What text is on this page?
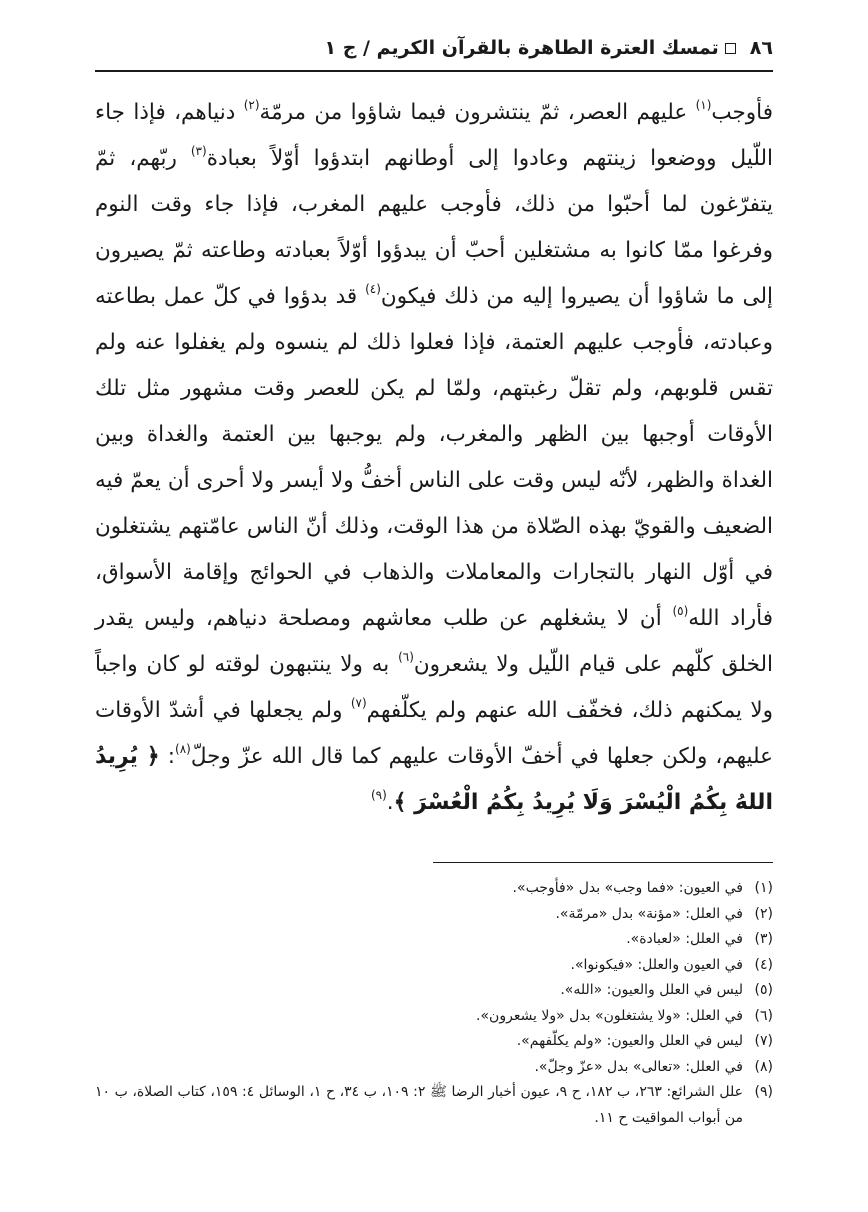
٨٦
تمسك العترة الطاهرة بالقرآن الكريم / ج ١

فأوجب$^{(١)}$ عليهم العصر، ثمّ ينتشرون فيما شاؤوا من مرمّة$^{(٢)}$ دنياهم، فإذا جاء اللّيل ووضعوا زينتهم وعادوا إلى أوطانهم ابتدؤوا أوّلاً بعبادة$^{(٣)}$ ربّهم، ثمّ يتفرّغون لما أحبّوا من ذلك، فأوجب عليهم المغرب، فإذا جاء وقت النوم وفرغوا ممّا كانوا به مشتغلين أحبّ أن يبدؤوا أوّلاً بعبادته وطاعته ثمّ يصيرون إلى ما شاؤوا أن يصيروا إليه من ذلك فيكون$^{(٤)}$ قد بدؤوا في كلّ عمل بطاعته وعبادته، فأوجب عليهم العتمة، فإذا فعلوا ذلك لم ينسوه ولم يغفلوا عنه ولم تقس قلوبهم، ولم تقلّ رغبتهم، ولمّا لم يكن للعصر وقت مشهور مثل تلك الأوقات أوجبها بين الظهر والمغرب، ولم يوجبها بين العتمة والغداة وبين الغداة والظهر، لأنّه ليس وقت على الناس أخفُّ ولا أيسر ولا أحرى أن يعمّ فيه الضعيف والقويّ بهذه الصّلاة من هذا الوقت، وذلك أنّ الناس عامّتهم يشتغلون في أوّل النهار بالتجارات والمعاملات والذهاب في الحوائج وإقامة الأسواق، فأراد الله$^{(٥)}$ أن لا يشغلهم عن طلب معاشهم ومصلحة دنياهم، وليس يقدر الخلق كلّهم على قيام اللّيل ولا يشعرون$^{(٦)}$ به ولا ينتبهون لوقته لو كان واجباً ولا يمكنهم ذلك، فخفّف الله عنهم ولم يكلّفهم$^{(٧)}$ ولم يجعلها في أشدّ الأوقات عليهم، ولكن جعلها في أخفّ الأوقات عليهم كما قال الله عزّ وجلّ$^{(٨)}$: ﴿ يُرِيدُ اللهُ بِكُمُ الْيُسْرَ وَلَا يُرِيدُ بِكُمُ الْعُسْرَ ﴾.$^{(٩)}$

(١)
في العيون: «فما وجب» بدل «فأوجب».
(٢)
في العلل: «مؤنة» بدل «مرمّة».
(٣)
في العلل: «لعبادة».
(٤)
في العيون والعلل: «فيكونوا».
(٥)
ليس في العلل والعيون: «الله».
(٦)
في العلل: «ولا يشتغلون» بدل «ولا يشعرون».
(٧)
ليس في العلل والعيون: «ولم يكلّفهم».
(٨)
في العلل: «تعالى» بدل «عزّ وجلّ».
(٩)
علل الشرائع: ٢٦٣، ب ١٨٢، ح ٩، عيون أخبار الرضا ﷺ ٢: ١٠٩، ب ٣٤، ح ١، الوسائل ٤: ١٥٩، كتاب الصلاة، ب ١٠ من أبواب المواقيت ح ١١.
